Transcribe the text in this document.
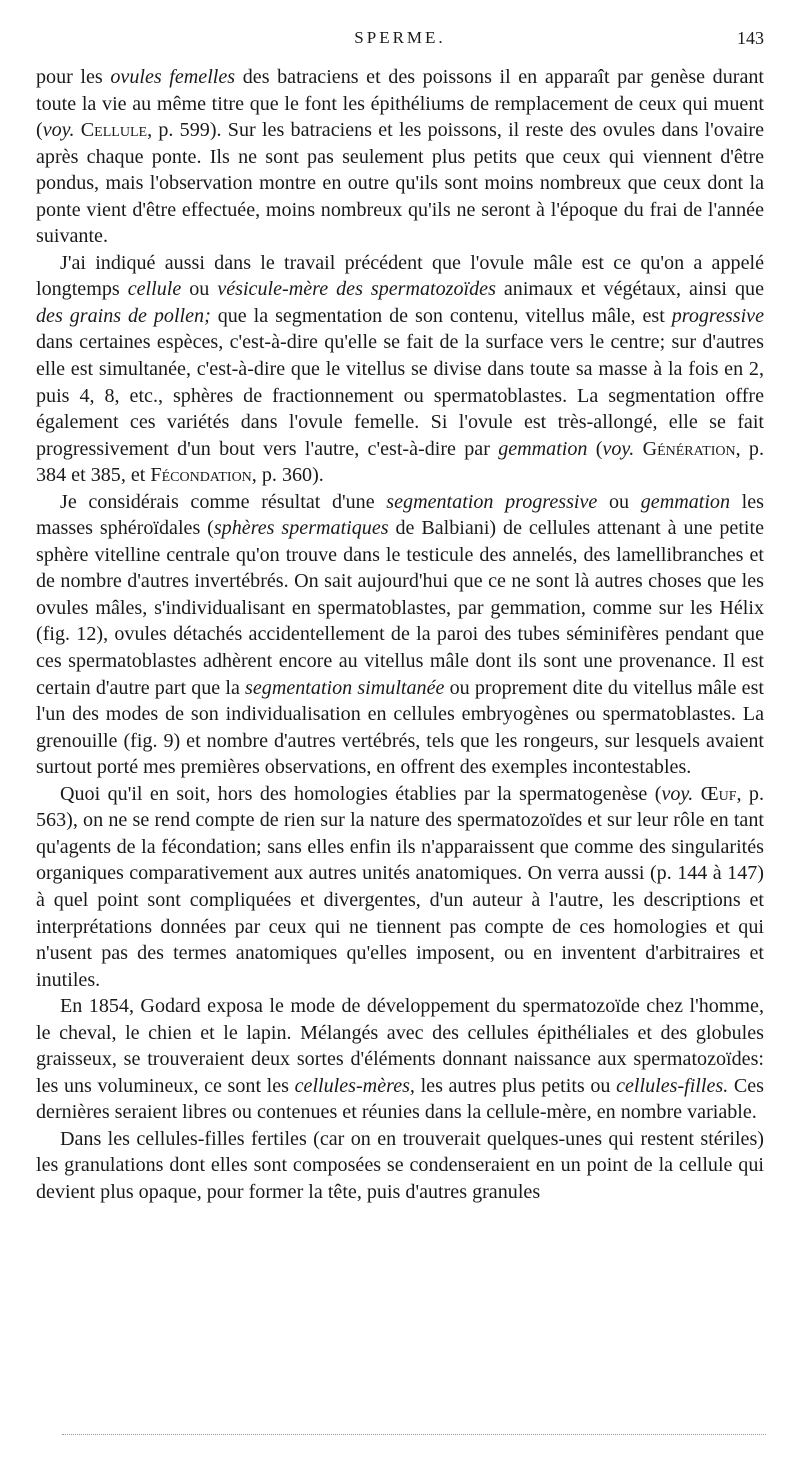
SPERME.	143

pour les ovules femelles des batraciens et des poissons il en apparaît par genèse durant toute la vie au même titre que le font les épithéliums de remplacement de ceux qui muent (voy. Cellule, p. 599). Sur les batraciens et les poissons, il reste des ovules dans l'ovaire après chaque ponte. Ils ne sont pas seulement plus petits que ceux qui viennent d'être pondus, mais l'observation montre en outre qu'ils sont moins nombreux que ceux dont la ponte vient d'être effectuée, moins nombreux qu'ils ne seront à l'époque du frai de l'année suivante.

J'ai indiqué aussi dans le travail précédent que l'ovule mâle est ce qu'on a appelé longtemps cellule ou vésicule-mère des spermatozoïdes animaux et végétaux, ainsi que des grains de pollen; que la segmentation de son contenu, vitellus mâle, est progressive dans certaines espèces, c'est-à-dire qu'elle se fait de la surface vers le centre; sur d'autres elle est simultanée, c'est-à-dire que le vitellus se divise dans toute sa masse à la fois en 2, puis 4, 8, etc., sphères de fractionnement ou spermatoblastes. La segmentation offre également ces variétés dans l'ovule femelle. Si l'ovule est très-allongé, elle se fait progressivement d'un bout vers l'autre, c'est-à-dire par gemmation (voy. Génération, p. 384 et 385, et Fécondation, p. 360).

Je considérais comme résultat d'une segmentation progressive ou gemmation les masses sphéroïdales (sphères spermatiques de Balbiani) de cellules attenant à une petite sphère vitelline centrale qu'on trouve dans le testicule des annelés, des lamellibranches et de nombre d'autres invertébrés. On sait aujourd'hui que ce ne sont là autres choses que les ovules mâles, s'individualisant en spermatoblastes, par gemmation, comme sur les Hélix (fig. 12), ovules détachés accidentellement de la paroi des tubes séminifères pendant que ces spermatoblastes adhèrent encore au vitellus mâle dont ils sont une provenance. Il est certain d'autre part que la segmentation simultanée ou proprement dite du vitellus mâle est l'un des modes de son individualisation en cellules embryogènes ou spermatoblastes. La grenouille (fig. 9) et nombre d'autres vertébrés, tels que les rongeurs, sur lesquels avaient surtout porté mes premières observations, en offrent des exemples incontestables.

Quoi qu'il en soit, hors des homologies établies par la spermatogenèse (voy. Œuf, p. 563), on ne se rend compte de rien sur la nature des spermatozoïdes et sur leur rôle en tant qu'agents de la fécondation; sans elles enfin ils n'apparaissent que comme des singularités organiques comparativement aux autres unités anatomiques. On verra aussi (p. 144 à 147) à quel point sont compliquées et divergentes, d'un auteur à l'autre, les descriptions et interprétations données par ceux qui ne tiennent pas compte de ces homologies et qui n'usent pas des termes anatomiques qu'elles imposent, ou en inventent d'arbitraires et inutiles.

En 1854, Godard exposa le mode de développement du spermatozoïde chez l'homme, le cheval, le chien et le lapin. Mélangés avec des cellules épithéliales et des globules graisseux, se trouveraient deux sortes d'éléments donnant naissance aux spermatozoïdes: les uns volumineux, ce sont les cellules-mères, les autres plus petits ou cellules-filles. Ces dernières seraient libres ou contenues et réunies dans la cellule-mère, en nombre variable.

Dans les cellules-filles fertiles (car on en trouverait quelques-unes qui restent stériles) les granulations dont elles sont composées se condenseraient en un point de la cellule qui devient plus opaque, pour former la tête, puis d'autres granules
